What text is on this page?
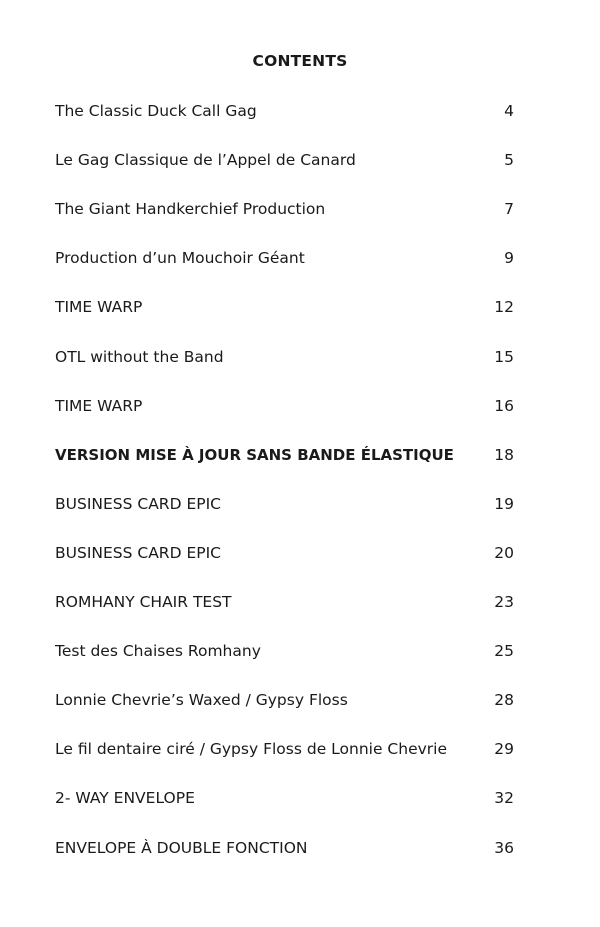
CONTENTS
The Classic Duck Call Gag	4
Le Gag Classique de l’Appel de Canard	5
The Giant Handkerchief Production	7
Production d’un Mouchoir Géant	9
TIME WARP	12
OTL without the Band	15
TIME WARP	16
VERSION MISE À JOUR SANS BANDE ÉLASTIQUE	18
BUSINESS CARD EPIC	19
BUSINESS CARD EPIC	20
ROMHANY CHAIR TEST	23
Test des Chaises Romhany	25
Lonnie Chevrie’s Waxed / Gypsy Floss	28
Le fil dentaire ciré / Gypsy Floss de Lonnie Chevrie	29
2- WAY ENVELOPE	32
ENVELOPE À DOUBLE FONCTION	36
